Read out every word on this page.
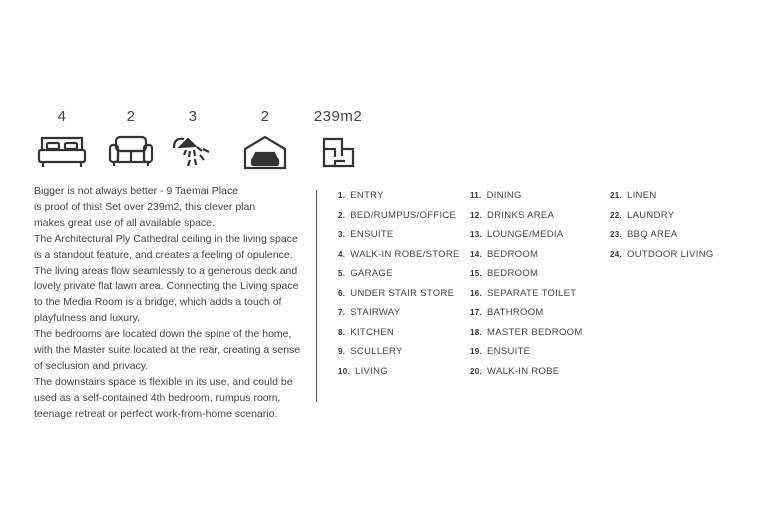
4	2	3	2	239m2

Bigger is not always better - 9 Taemai Place

is proof of this! Set over 239m2, this clever plan

makes great use of all available space.

The Architectural Ply Cathedral ceiling in the living space

is a standout feature, and creates a feeling of opulence.

The living areas flow seamlessly to a generous deck and

lovely private flat lawn area. Connecting the Living space

to the Media Room is a bridge, which adds a touch of

playfulness and luxury.

The bedrooms are located down the spine of the home,

with the Master suite located at the rear, creating a sense

of seclusion and privacy.

The downstairs space is flexible in its use, and could be

used as a self-contained 4th bedroom, rumpus room,

teenage retreat or perfect work-from-home scenario.

1. ENTRY
2. BED/RUMPUS/OFFICE
3. ENSUITE
4. WALK-IN ROBE/STORE
5. GARAGE
6. UNDER STAIR STORE
7. STAIRWAY
8. KITCHEN
9. SCULLERY
10. LIVING
11. DINING
12. DRINKS AREA
13. LOUNGE/MEDIA
14. BEDROOM
15. BEDROOM
16. SEPARATE TOILET
17. BATHROOM
18. MASTER BEDROOM
19. ENSUITE
20. WALK-IN ROBE
21. LINEN
22. LAUNDRY
23. BBQ AREA
24. OUTDOOR LIVING
